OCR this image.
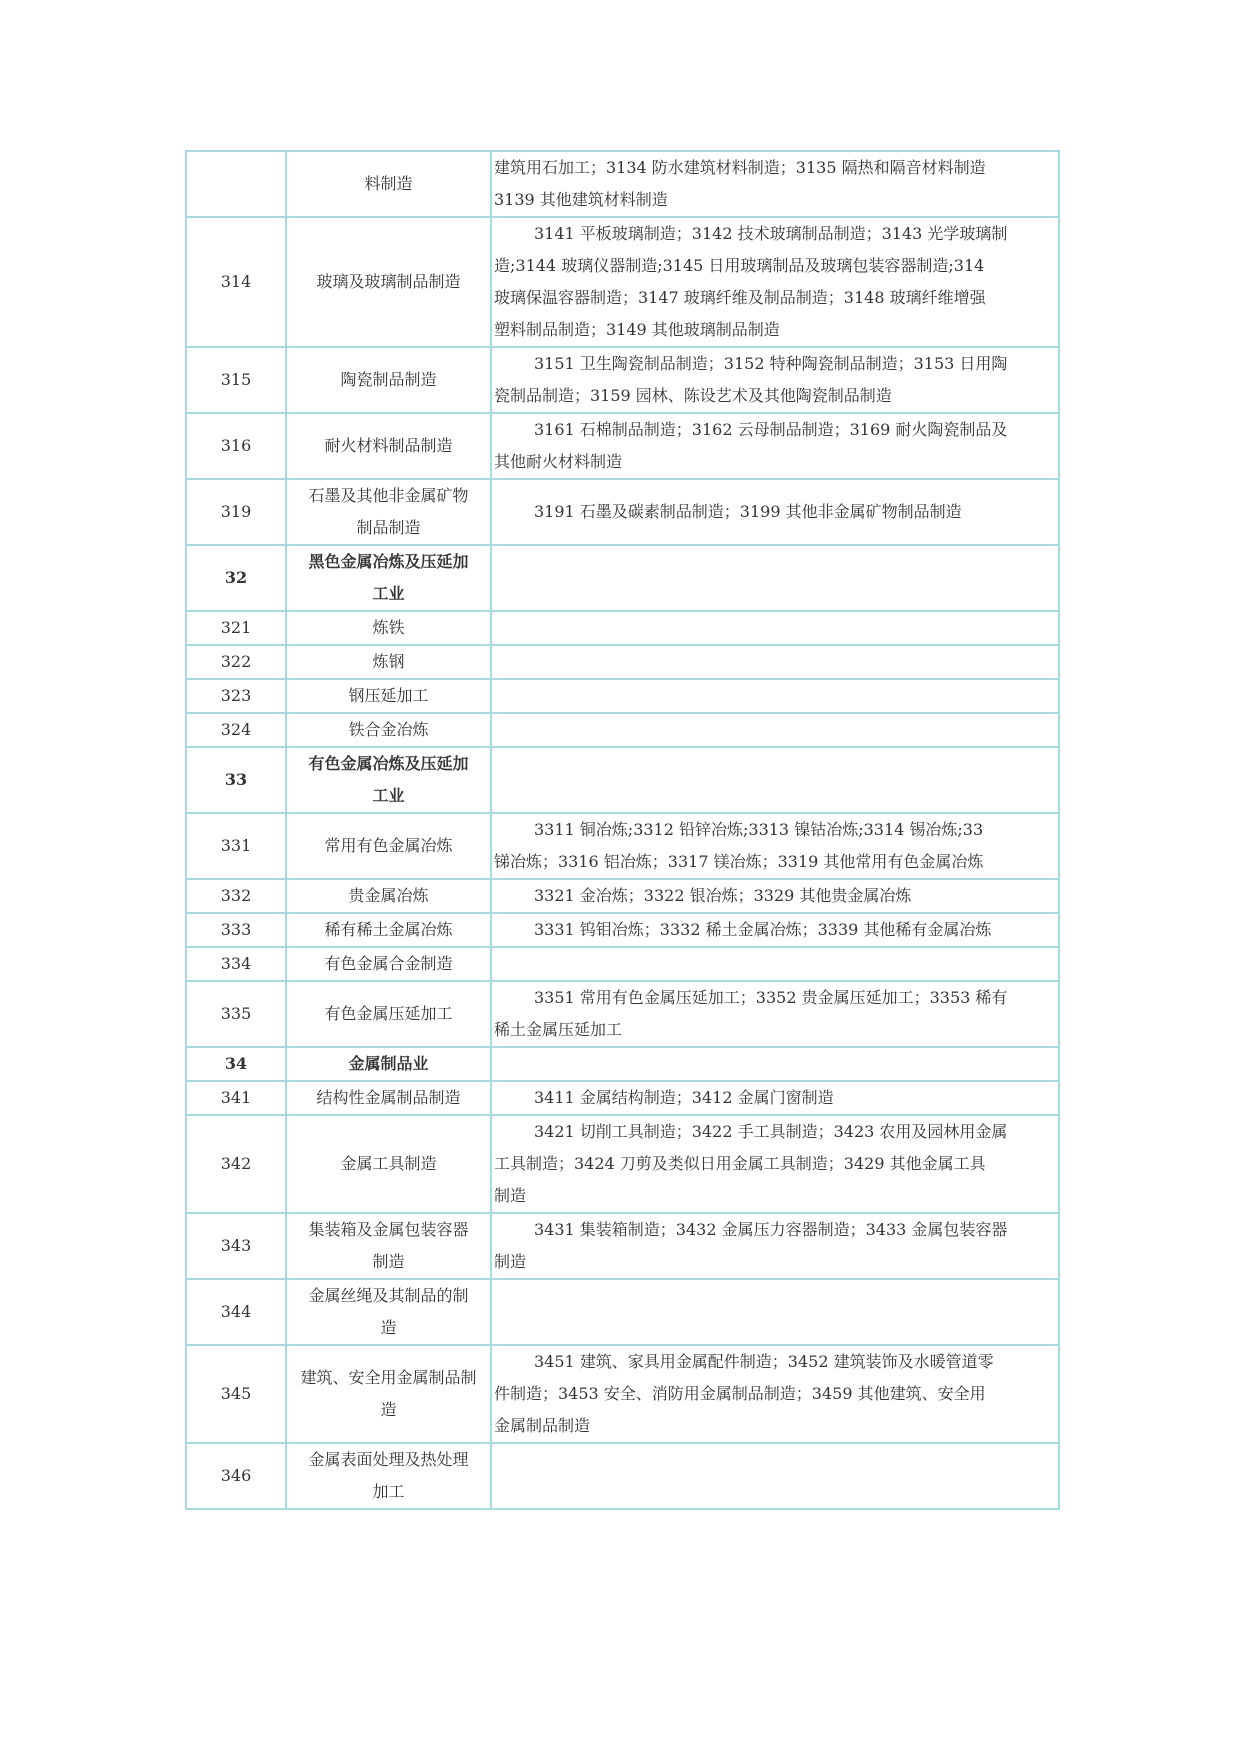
	料制造	建筑用石加工；3134 防水建筑材料制造；3135 隔热和隔音材料制造
3139 其他建筑材料制造

314	玻璃及玻璃制品制造	3141 平板玻璃制造；3142 技术玻璃制品制造；3143 光学玻璃制
造;3144 玻璃仪器制造;3145 日用玻璃制品及玻璃包装容器制造;314
玻璃保温容器制造；3147 玻璃纤维及制品制造；3148 玻璃纤维增强
塑料制品制造；3149 其他玻璃制品制造

315	陶瓷制品制造	3151 卫生陶瓷制品制造；3152 特种陶瓷制品制造；3153 日用陶
瓷制品制造；3159 园林、陈设艺术及其他陶瓷制品制造

316	耐火材料制品制造	3161 石棉制品制造；3162 云母制品制造；3169 耐火陶瓷制品及
其他耐火材料制造

319	石墨及其他非金属矿物
制品制造	3191 石墨及碳素制品制造；3199 其他非金属矿物制品制造

32	黑色金属冶炼及压延加
工业	

321	炼铁	

322	炼钢	

323	钢压延加工	

324	铁合金冶炼	

33	有色金属冶炼及压延加
工业	

331	常用有色金属冶炼	3311 铜冶炼;3312 铅锌冶炼;3313 镍钴冶炼;3314 锡冶炼;33
锑冶炼；3316 铝冶炼；3317 镁冶炼；3319 其他常用有色金属冶炼

332	贵金属冶炼	3321 金冶炼；3322 银冶炼；3329 其他贵金属冶炼

333	稀有稀土金属冶炼	3331 钨钼冶炼；3332 稀土金属冶炼；3339 其他稀有金属冶炼

334	有色金属合金制造	

335	有色金属压延加工	3351 常用有色金属压延加工；3352 贵金属压延加工；3353 稀有
稀土金属压延加工

34	金属制品业	

341	结构性金属制品制造	3411 金属结构制造；3412 金属门窗制造

342	金属工具制造	3421 切削工具制造；3422 手工具制造；3423 农用及园林用金属
工具制造；3424 刀剪及类似日用金属工具制造；3429 其他金属工具
制造

343	集装箱及金属包装容器
制造	3431 集装箱制造；3432 金属压力容器制造；3433 金属包装容器
制造

344	金属丝绳及其制品的制
造	

345	建筑、安全用金属制品制
造	3451 建筑、家具用金属配件制造；3452 建筑装饰及水暖管道零
件制造；3453 安全、消防用金属制品制造；3459 其他建筑、安全用
金属制品制造

346	金属表面处理及热处理
加工	
